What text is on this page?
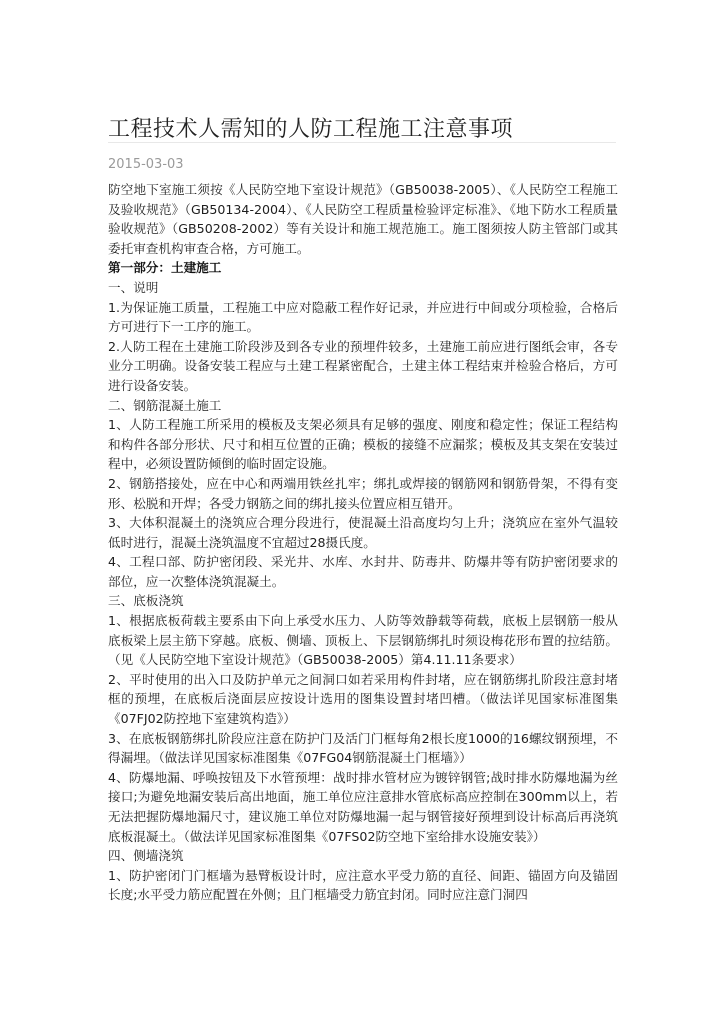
工程技术人需知的人防工程施工注意事项
2015-03-03

防空地下室施工须按《人民防空地下室设计规范》（GB50038-2005）、《人民防空工程施工及验收规范》（GB50134-2004）、《人民防空工程质量检验评定标准》、《地下防水工程质量验收规范》（GB50208-2002）等有关设计和施工规范施工。施工图须按人防主管部门或其委托审查机构审查合格，方可施工。

第一部分：土建施工

一、说明

1.为保证施工质量，工程施工中应对隐蔽工程作好记录，并应进行中间或分项检验，合格后方可进行下一工序的施工。

2.人防工程在土建施工阶段涉及到各专业的预埋件较多，土建施工前应进行图纸会审，各专业分工明确。设备安装工程应与土建工程紧密配合，土建主体工程结束并检验合格后，方可进行设备安装。

二、钢筋混凝土施工

1、人防工程施工所采用的模板及支架必须具有足够的强度、刚度和稳定性；保证工程结构和构件各部分形状、尺寸和相互位置的正确；模板的接缝不应漏浆；模板及其支架在安装过程中，必须设置防倾倒的临时固定设施。

2、钢筋搭接处，应在中心和两端用铁丝扎牢；绑扎或焊接的钢筋网和钢筋骨架，不得有变形、松脱和开焊；各受力钢筋之间的绑扎接头位置应相互错开。

3、大体积混凝土的浇筑应合理分段进行，使混凝土沿高度均匀上升；浇筑应在室外气温较低时进行，混凝土浇筑温度不宜超过28摄氏度。

4、工程口部、防护密闭段、采光井、水库、水封井、防毒井、防爆井等有防护密闭要求的部位，应一次整体浇筑混凝土。

三、底板浇筑

1、根据底板荷载主要系由下向上承受水压力、人防等效静载等荷载，底板上层钢筋一般从底板梁上层主筋下穿越。底板、侧墙、顶板上、下层钢筋绑扎时须设梅花形布置的拉结筋。（见《人民防空地下室设计规范》（GB50038-2005）第4.11.11条要求）

2、平时使用的出入口及防护单元之间洞口如若采用构件封堵，应在钢筋绑扎阶段注意封堵框的预埋，在底板后浇面层应按设计选用的图集设置封堵凹槽。（做法详见国家标准图集《07FJ02防控地下室建筑构造》）

3、在底板钢筋绑扎阶段应注意在防护门及活门门框每角2根长度1000的16螺纹钢预埋，不得漏埋。（做法详见国家标准图集《07FG04钢筋混凝土门框墙》）

4、防爆地漏、呼唤按钮及下水管预埋：战时排水管材应为镀锌钢管;战时排水防爆地漏为丝接口;为避免地漏安装后高出地面，施工单位应注意排水管底标高应控制在300mm以上，若无法把握防爆地漏尺寸，建议施工单位对防爆地漏一起与钢管接好预埋到设计标高后再浇筑底板混凝土。（做法详见国家标准图集《07FS02防空地下室给排水设施安装》）

四、侧墙浇筑

1、防护密闭门门框墙为悬臂板设计时，应注意水平受力筋的直径、间距、锚固方向及锚固长度;水平受力筋应配置在外侧；且门框墙受力筋宜封闭。同时应注意门洞四
